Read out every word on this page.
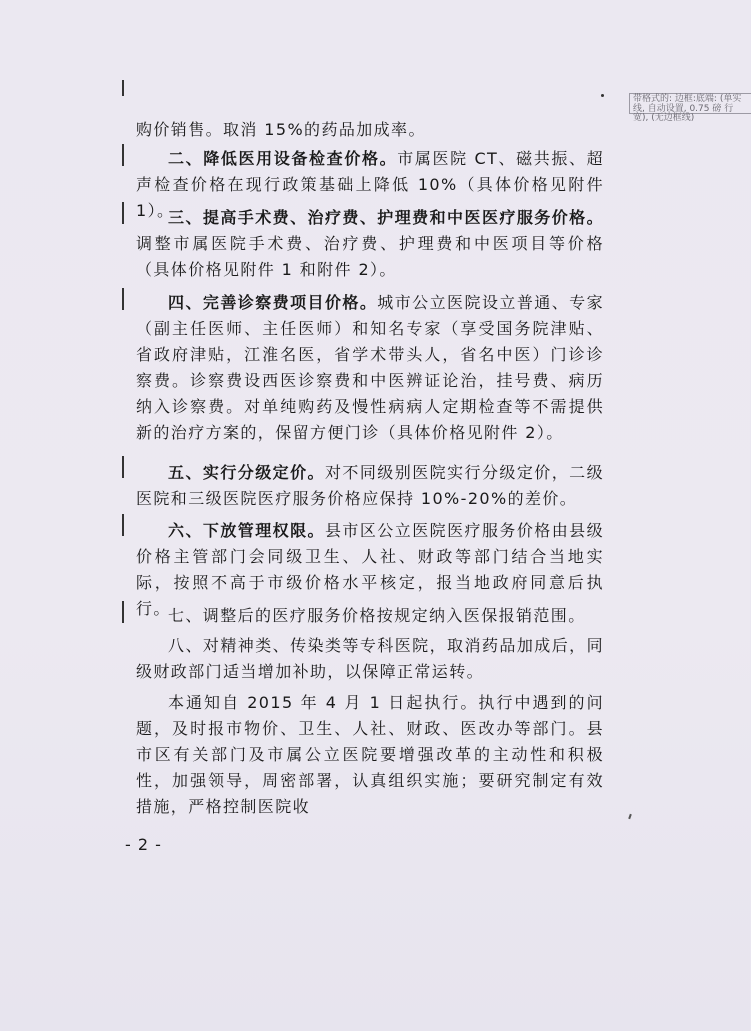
带格式的: 边框:底端: (单实线, 自动设置, 0.75 磅 行宽), (无边框线)

购价销售。取消 15%的药品加成率。

二、降低医用设备检查价格。市属医院 CT、磁共振、超声检查价格在现行政策基础上降低 10%（具体价格见附件 1）。

三、提高手术费、治疗费、护理费和中医医疗服务价格。调整市属医院手术费、治疗费、护理费和中医项目等价格（具体价格见附件 1 和附件 2）。

四、完善诊察费项目价格。城市公立医院设立普通、专家（副主任医师、主任医师）和知名专家（享受国务院津贴、省政府津贴，江淮名医，省学术带头人，省名中医）门诊诊察费。诊察费设西医诊察费和中医辨证论治，挂号费、病历纳入诊察费。对单纯购药及慢性病病人定期检查等不需提供新的治疗方案的，保留方便门诊（具体价格见附件 2）。

五、实行分级定价。对不同级别医院实行分级定价，二级医院和三级医院医疗服务价格应保持 10%-20%的差价。

六、下放管理权限。县市区公立医院医疗服务价格由县级价格主管部门会同级卫生、人社、财政等部门结合当地实际，按照不高于市级价格水平核定，报当地政府同意后执行。

七、调整后的医疗服务价格按规定纳入医保报销范围。

八、对精神类、传染类等专科医院，取消药品加成后，同级财政部门适当增加补助，以保障正常运转。

本通知自 2015 年 4 月 1 日起执行。执行中遇到的问题，及时报市物价、卫生、人社、财政、医改办等部门。县市区有关部门及市属公立医院要增强改革的主动性和积极性，加强领导，周密部署，认真组织实施；要研究制定有效措施，严格控制医院收

- 2 -
